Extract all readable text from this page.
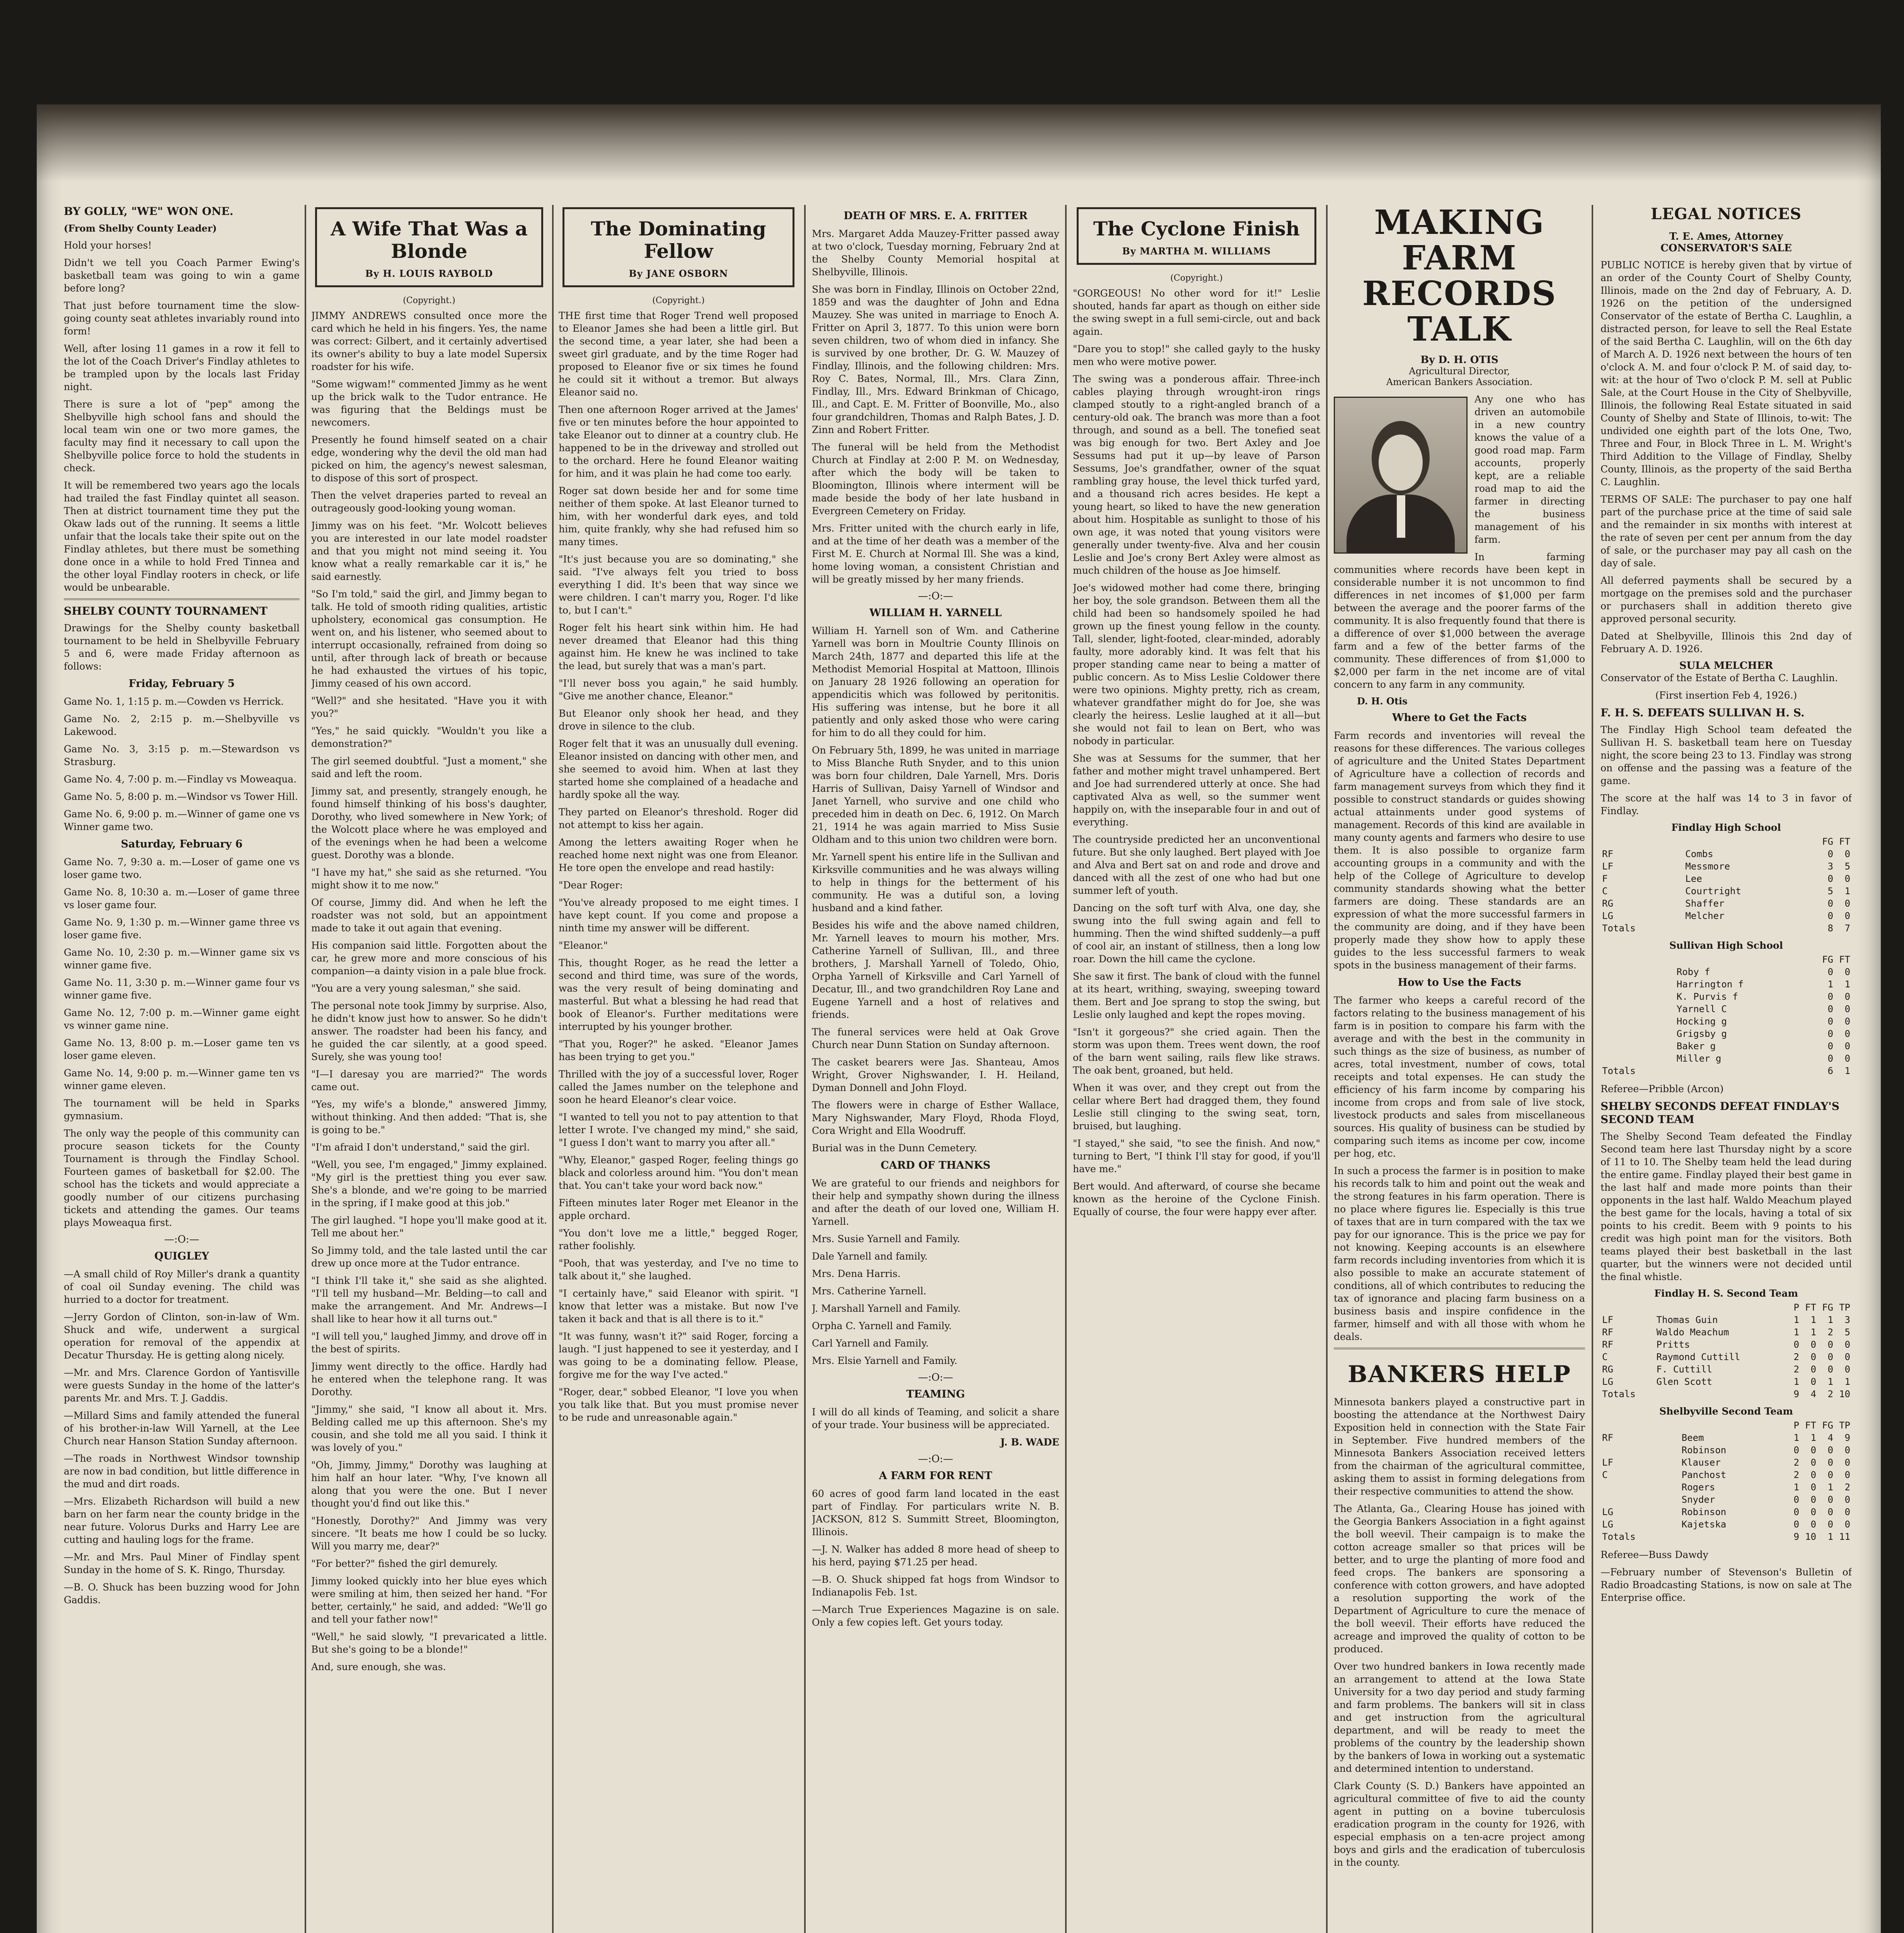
BY GOLLY, "WE" WON ONE.
(From Shelby County Leader)

Hold your horses!

Didn't we tell you Coach Parmer Ewing's basketball team was going to win a game before long?

That just before tournament time the slow-going county seat athletes invariably round into form!

Well, after losing 11 games in a row it fell to the lot of the Coach Driver's Findlay athletes to be trampled upon by the locals last Friday night.

There is sure a lot of "pep" among the Shelbyville high school fans and should the local team win one or two more games, the faculty may find it necessary to call upon the Shelbyville police force to hold the students in check.

It will be remembered two years ago the locals had trailed the fast Findlay quintet all season. Then at district tournament time they put the Okaw lads out of the running. It seems a little unfair that the locals take their spite out on the Findlay athletes, but there must be something done once in a while to hold Fred Tinnea and the other loyal Findlay rooters in check, or life would be unbearable.

SHELBY COUNTY TOURNAMENT

Drawings for the Shelby county basketball tournament to be held in Shelbyville February 5 and 6, were made Friday afternoon as follows:

Friday, February 5

Game No. 1, 1:15 p. m.—Cowden vs Herrick.

Game No. 2, 2:15 p. m.—Shelbyville vs Lakewood.

Game No. 3, 3:15 p. m.—Stewardson vs Strasburg.

Game No. 4, 7:00 p. m.—Findlay vs Moweaqua.

Game No. 5, 8:00 p. m.—Windsor vs Tower Hill.

Game No. 6, 9:00 p. m.—Winner of game one vs Winner game two.

Saturday, February 6

Game No. 7, 9:30 a. m.—Loser of game one vs loser game two.

Game No. 8, 10:30 a. m.—Loser of game three vs loser game four.

Game No. 9, 1:30 p. m.—Winner game three vs loser game five.

Game No. 10, 2:30 p. m.—Winner game six vs winner game five.

Game No. 11, 3:30 p. m.—Winner game four vs winner game five.

Game No. 12, 7:00 p. m.—Winner game eight vs winner game nine.

Game No. 13, 8:00 p. m.—Loser game ten vs loser game eleven.

Game No. 14, 9:00 p. m.—Winner game ten vs winner game eleven.

The tournament will be held in Sparks gymnasium.

The only way the people of this community can procure season tickets for the County Tournament is through the Findlay School. Fourteen games of basketball for $2.00. The school has the tickets and would appreciate a goodly number of our citizens purchasing tickets and attending the games. Our teams plays Moweaqua first.

—:O:—
QUIGLEY

—A small child of Roy Miller's drank a quantity of coal oil Sunday evening. The child was hurried to a doctor for treatment.

—Jerry Gordon of Clinton, son-in-law of Wm. Shuck and wife, underwent a surgical operation for removal of the appendix at Decatur Thursday. He is getting along nicely.

—Mr. and Mrs. Clarence Gordon of Yantisville were guests Sunday in the home of the latter's parents Mr. and Mrs. T. J. Gaddis.

—Millard Sims and family attended the funeral of his brother-in-law Will Yarnell, at the Lee Church near Hanson Station Sunday afternoon.

—The roads in Northwest Windsor township are now in bad condition, but little difference in the mud and dirt roads.

—Mrs. Elizabeth Richardson will build a new barn on her farm near the county bridge in the near future. Volorus Durks and Harry Lee are cutting and hauling logs for the frame.

—Mr. and Mrs. Paul Miner of Findlay spent Sunday in the home of S. K. Ringo, Thursday.

—B. O. Shuck has been buzzing wood for John Gaddis.

A Wife That Was a Blonde
By H. LOUIS RAYBOLD
(Copyright.)

JIMMY ANDREWS consulted once more the card which he held in his fingers. Yes, the name was correct: Gilbert, and it certainly advertised its owner's ability to buy a late model Supersix roadster for his wife.

"Some wigwam!" commented Jimmy as he went up the brick walk to the Tudor entrance. He was figuring that the Beldings must be newcomers.

Presently he found himself seated on a chair edge, wondering why the devil the old man had picked on him, the agency's newest salesman, to dispose of this sort of prospect.

Then the velvet draperies parted to reveal an outrageously good-looking young woman.

Jimmy was on his feet. "Mr. Wolcott believes you are interested in our late model roadster and that you might not mind seeing it. You know what a really remarkable car it is," he said earnestly.

"So I'm told," said the girl, and Jimmy began to talk. He told of smooth riding qualities, artistic upholstery, economical gas consumption. He went on, and his listener, who seemed about to interrupt occasionally, refrained from doing so until, after through lack of breath or because he had exhausted the virtues of his topic, Jimmy ceased of his own accord.

"Well?" and she hesitated. "Have you it with you?"

"Yes," he said quickly. "Wouldn't you like a demonstration?"

The girl seemed doubtful. "Just a moment," she said and left the room.

Jimmy sat, and presently, strangely enough, he found himself thinking of his boss's daughter, Dorothy, who lived somewhere in New York; of the Wolcott place where he was employed and of the evenings when he had been a welcome guest. Dorothy was a blonde.

"I have my hat," she said as she returned. "You might show it to me now."

Of course, Jimmy did. And when he left the roadster was not sold, but an appointment made to take it out again that evening.

His companion said little. Forgotten about the car, he grew more and more conscious of his companion—a dainty vision in a pale blue frock.

"You are a very young salesman," she said.

The personal note took Jimmy by surprise. Also, he didn't know just how to answer. So he didn't answer. The roadster had been his fancy, and he guided the car silently, at a good speed. Surely, she was young too!

"I—I daresay you are married?" The words came out.

"Yes, my wife's a blonde," answered Jimmy, without thinking. And then added: "That is, she is going to be."

"I'm afraid I don't understand," said the girl.

"Well, you see, I'm engaged," Jimmy explained. "My girl is the prettiest thing you ever saw. She's a blonde, and we're going to be married in the spring, if I make good at this job."

The girl laughed. "I hope you'll make good at it. Tell me about her."

So Jimmy told, and the tale lasted until the car drew up once more at the Tudor entrance.

"I think I'll take it," she said as she alighted. "I'll tell my husband—Mr. Belding—to call and make the arrangement. And Mr. Andrews—I shall like to hear how it all turns out."

"I will tell you," laughed Jimmy, and drove off in the best of spirits.

Jimmy went directly to the office. Hardly had he entered when the telephone rang. It was Dorothy.

"Jimmy," she said, "I know all about it. Mrs. Belding called me up this afternoon. She's my cousin, and she told me all you said. I think it was lovely of you."

"Oh, Jimmy, Jimmy," Dorothy was laughing at him half an hour later. "Why, I've known all along that you were the one. But I never thought you'd find out like this."

"Honestly, Dorothy?" And Jimmy was very sincere. "It beats me how I could be so lucky. Will you marry me, dear?"

"For better?" fished the girl demurely.

Jimmy looked quickly into her blue eyes which were smiling at him, then seized her hand. "For better, certainly," he said, and added: "We'll go and tell your father now!"

"Well," he said slowly, "I prevaricated a little. But she's going to be a blonde!"

And, sure enough, she was.

The Dominating Fellow
By JANE OSBORN
(Copyright.)

THE first time that Roger Trend well proposed to Eleanor James she had been a little girl. But the second time, a year later, she had been a sweet girl graduate, and by the time Roger had proposed to Eleanor five or six times he found he could sit it without a tremor. But always Eleanor said no.

Then one afternoon Roger arrived at the James' five or ten minutes before the hour appointed to take Eleanor out to dinner at a country club. He happened to be in the driveway and strolled out to the orchard. Here he found Eleanor waiting for him, and it was plain he had come too early.

Roger sat down beside her and for some time neither of them spoke. At last Eleanor turned to him, with her wonderful dark eyes, and told him, quite frankly, why she had refused him so many times.

"It's just because you are so dominating," she said. "I've always felt you tried to boss everything I did. It's been that way since we were children. I can't marry you, Roger. I'd like to, but I can't."

Roger felt his heart sink within him. He had never dreamed that Eleanor had this thing against him. He knew he was inclined to take the lead, but surely that was a man's part.

"I'll never boss you again," he said humbly. "Give me another chance, Eleanor."

But Eleanor only shook her head, and they drove in silence to the club.

Roger felt that it was an unusually dull evening. Eleanor insisted on dancing with other men, and she seemed to avoid him. When at last they started home she complained of a headache and hardly spoke all the way.

They parted on Eleanor's threshold. Roger did not attempt to kiss her again.

Among the letters awaiting Roger when he reached home next night was one from Eleanor. He tore open the envelope and read hastily:

"Dear Roger:

"You've already proposed to me eight times. I have kept count. If you come and propose a ninth time my answer will be different.

"Eleanor."

This, thought Roger, as he read the letter a second and third time, was sure of the words, was the very result of being dominating and masterful. But what a blessing he had read that book of Eleanor's. Further meditations were interrupted by his younger brother.

"That you, Roger?" he asked. "Eleanor James has been trying to get you."

Thrilled with the joy of a successful lover, Roger called the James number on the telephone and soon he heard Eleanor's clear voice.

"I wanted to tell you not to pay attention to that letter I wrote. I've changed my mind," she said, "I guess I don't want to marry you after all."

"Why, Eleanor," gasped Roger, feeling things go black and colorless around him. "You don't mean that. You can't take your word back now."

Fifteen minutes later Roger met Eleanor in the apple orchard.

"You don't love me a little," begged Roger, rather foolishly.

"Pooh, that was yesterday, and I've no time to talk about it," she laughed.

"I certainly have," said Eleanor with spirit. "I know that letter was a mistake. But now I've taken it back and that is all there is to it."

"It was funny, wasn't it?" said Roger, forcing a laugh. "I just happened to see it yesterday, and I was going to be a dominating fellow. Please, forgive me for the way I've acted."

"Roger, dear," sobbed Eleanor, "I love you when you talk like that. But you must promise never to be rude and unreasonable again."

DEATH OF MRS. E. A. FRITTER

Mrs. Margaret Adda Mauzey-Fritter passed away at two o'clock, Tuesday morning, February 2nd at the Shelby County Memorial hospital at Shelbyville, Illinois.

She was born in Findlay, Illinois on October 22nd, 1859 and was the daughter of John and Edna Mauzey. She was united in marriage to Enoch A. Fritter on April 3, 1877. To this union were born seven children, two of whom died in infancy. She is survived by one brother, Dr. G. W. Mauzey of Findlay, Illinois, and the following children: Mrs. Roy C. Bates, Normal, Ill., Mrs. Clara Zinn, Findlay, Ill., Mrs. Edward Brinkman of Chicago, Ill., and Capt. E. M. Fritter of Boonville, Mo., also four grandchildren, Thomas and Ralph Bates, J. D. Zinn and Robert Fritter.

The funeral will be held from the Methodist Church at Findlay at 2:00 P. M. on Wednesday, after which the body will be taken to Bloomington, Illinois where interment will be made beside the body of her late husband in Evergreen Cemetery on Friday.

Mrs. Fritter united with the church early in life, and at the time of her death was a member of the First M. E. Church at Normal Ill. She was a kind, home loving woman, a consistent Christian and will be greatly missed by her many friends.

—:O:—
WILLIAM H. YARNELL

William H. Yarnell son of Wm. and Catherine Yarnell was born in Moultrie County Illinois on March 24th, 1877 and departed this life at the Methodist Memorial Hospital at Mattoon, Illinois on January 28 1926 following an operation for appendicitis which was followed by peritonitis. His suffering was intense, but he bore it all patiently and only asked those who were caring for him to do all they could for him.

On February 5th, 1899, he was united in marriage to Miss Blanche Ruth Snyder, and to this union was born four children, Dale Yarnell, Mrs. Doris Harris of Sullivan, Daisy Yarnell of Windsor and Janet Yarnell, who survive and one child who preceded him in death on Dec. 6, 1912. On March 21, 1914 he was again married to Miss Susie Oldham and to this union two children were born.

Mr. Yarnell spent his entire life in the Sullivan and Kirksville communities and he was always willing to help in things for the betterment of his community. He was a dutiful son, a loving husband and a kind father.

Besides his wife and the above named children, Mr. Yarnell leaves to mourn his mother, Mrs. Catherine Yarnell of Sullivan, Ill., and three brothers, J. Marshall Yarnell of Toledo, Ohio, Orpha Yarnell of Kirksville and Carl Yarnell of Decatur, Ill., and two grandchildren Roy Lane and Eugene Yarnell and a host of relatives and friends.

The funeral services were held at Oak Grove Church near Dunn Station on Sunday afternoon.

The casket bearers were Jas. Shanteau, Amos Wright, Grover Nighswander, I. H. Heiland, Dyman Donnell and John Floyd.

The flowers were in charge of Esther Wallace, Mary Nighswander, Mary Floyd, Rhoda Floyd, Cora Wright and Ella Woodruff.

Burial was in the Dunn Cemetery.

CARD OF THANKS

We are grateful to our friends and neighbors for their help and sympathy shown during the illness and after the death of our loved one, William H. Yarnell.

Mrs. Susie Yarnell and Family.

Dale Yarnell and family.

Mrs. Dena Harris.

Mrs. Catherine Yarnell.

J. Marshall Yarnell and Family.

Orpha C. Yarnell and Family.

Carl Yarnell and Family.

Mrs. Elsie Yarnell and Family.

—:O:—
TEAMING

I will do all kinds of Teaming, and solicit a share of your trade. Your business will be appreciated.

J. B. WADE

—:O:—
A FARM FOR RENT

60 acres of good farm land located in the east part of Findlay. For particulars write N. B. JACKSON, 812 S. Summitt Street, Bloomington, Illinois.

—J. N. Walker has added 8 more head of sheep to his herd, paying $71.25 per head.

—B. O. Shuck shipped fat hogs from Windsor to Indianapolis Feb. 1st.

—March True Experiences Magazine is on sale. Only a few copies left. Get yours today.

The Cyclone Finish
By MARTHA M. WILLIAMS
(Copyright.)

"GORGEOUS! No other word for it!" Leslie shouted, hands far apart as though on either side the swing swept in a full semi-circle, out and back again.

"Dare you to stop!" she called gayly to the husky men who were motive power.

The swing was a ponderous affair. Three-inch cables playing through wrought-iron rings clamped stoutly to a right-angled branch of a century-old oak. The branch was more than a foot through, and sound as a bell. The tonefied seat was big enough for two. Bert Axley and Joe Sessums had put it up—by leave of Parson Sessums, Joe's grandfather, owner of the squat rambling gray house, the level thick turfed yard, and a thousand rich acres besides. He kept a young heart, so liked to have the new generation about him. Hospitable as sunlight to those of his own age, it was noted that young visitors were generally under twenty-five. Alva and her cousin Leslie and Joe's crony Bert Axley were almost as much children of the house as Joe himself.

Joe's widowed mother had come there, bringing her boy, the sole grandson. Between them all the child had been so handsomely spoiled he had grown up the finest young fellow in the county. Tall, slender, light-footed, clear-minded, adorably faulty, more adorably kind. It was felt that his proper standing came near to being a matter of public concern. As to Miss Leslie Coldower there were two opinions. Mighty pretty, rich as cream, whatever grandfather might do for Joe, she was clearly the heiress. Leslie laughed at it all—but she would not fail to lean on Bert, who was nobody in particular.

She was at Sessums for the summer, that her father and mother might travel unhampered. Bert and Joe had surrendered utterly at once. She had captivated Alva as well, so the summer went happily on, with the inseparable four in and out of everything.

The countryside predicted her an unconventional future. But she only laughed. Bert played with Joe and Alva and Bert sat on and rode and drove and danced with all the zest of one who had but one summer left of youth.

Dancing on the soft turf with Alva, one day, she swung into the full swing again and fell to humming. Then the wind shifted suddenly—a puff of cool air, an instant of stillness, then a long low roar. Down the hill came the cyclone.

She saw it first. The bank of cloud with the funnel at its heart, writhing, swaying, sweeping toward them. Bert and Joe sprang to stop the swing, but Leslie only laughed and kept the ropes moving.

"Isn't it gorgeous?" she cried again. Then the storm was upon them. Trees went down, the roof of the barn went sailing, rails flew like straws. The oak bent, groaned, but held.

When it was over, and they crept out from the cellar where Bert had dragged them, they found Leslie still clinging to the swing seat, torn, bruised, but laughing.

"I stayed," she said, "to see the finish. And now," turning to Bert, "I think I'll stay for good, if you'll have me."

Bert would. And afterward, of course she became known as the heroine of the Cyclone Finish. Equally of course, the four were happy ever after.

MAKING FARM RECORDS TALK
By D. H. OTIS
Agricultural Director,
American Bankers Association.

Any one who has driven an automobile in a new country knows the value of a good road map. Farm accounts, properly kept, are a reliable road map to aid the farmer in directing the business management of his farm.

In farming communities where records have been kept in considerable number it is not uncommon to find differences in net incomes of $1,000 per farm between the average and the poorer farms of the community. It is also frequently found that there is a difference of over $1,000 between the average farm and a few of the better farms of the community. These differences of from $1,000 to $2,000 per farm in the net income are of vital concern to any farm in any community.

D. H. Otis
Where to Get the Facts

Farm records and inventories will reveal the reasons for these differences. The various colleges of agriculture and the United States Department of Agriculture have a collection of records and farm management surveys from which they find it possible to construct standards or guides showing actual attainments under good systems of management. Records of this kind are available in many county agents and farmers who desire to use them. It is also possible to organize farm accounting groups in a community and with the help of the College of Agriculture to develop community standards showing what the better farmers are doing. These standards are an expression of what the more successful farmers in the community are doing, and if they have been properly made they show how to apply these guides to the less successful farmers to weak spots in the business management of their farms.

How to Use the Facts

The farmer who keeps a careful record of the factors relating to the business management of his farm is in position to compare his farm with the average and with the best in the community in such things as the size of business, as number of acres, total investment, number of cows, total receipts and total expenses. He can study the efficiency of his farm income by comparing his income from crops and from sale of live stock, livestock products and sales from miscellaneous sources. His quality of business can be studied by comparing such items as income per cow, income per hog, etc.

In such a process the farmer is in position to make his records talk to him and point out the weak and the strong features in his farm operation. There is no place where figures lie. Especially is this true of taxes that are in turn compared with the tax we pay for our ignorance. This is the price we pay for not knowing. Keeping accounts is an elsewhere farm records including inventories from which it is also possible to make an accurate statement of conditions, all of which contributes to reducing the tax of ignorance and placing farm business on a business basis and inspire confidence in the farmer, himself and with all those with whom he deals.

BANKERS HELP

Minnesota bankers played a constructive part in boosting the attendance at the Northwest Dairy Exposition held in connection with the State Fair in September. Five hundred members of the Minnesota Bankers Association received letters from the chairman of the agricultural committee, asking them to assist in forming delegations from their respective communities to attend the show.

The Atlanta, Ga., Clearing House has joined with the Georgia Bankers Association in a fight against the boll weevil. Their campaign is to make the cotton acreage smaller so that prices will be better, and to urge the planting of more food and feed crops. The bankers are sponsoring a conference with cotton growers, and have adopted a resolution supporting the work of the Department of Agriculture to cure the menace of the boll weevil. Their efforts have reduced the acreage and improved the quality of cotton to be produced.

Over two hundred bankers in Iowa recently made an arrangement to attend at the Iowa State University for a two day period and study farming and farm problems. The bankers will sit in class and get instruction from the agricultural department, and will be ready to meet the problems of the country by the leadership shown by the bankers of Iowa in working out a systematic and determined intention to understand.

Clark County (S. D.) Bankers have appointed an agricultural committee of five to aid the county agent in putting on a bovine tuberculosis eradication program in the county for 1926, with especial emphasis on a ten-acre project among boys and girls and the eradication of tuberculosis in the county.

LEGAL NOTICES
T. E. Ames, Attorney
CONSERVATOR'S SALE

PUBLIC NOTICE is hereby given that by virtue of an order of the County Court of Shelby County, Illinois, made on the 2nd day of February, A. D. 1926 on the petition of the undersigned Conservator of the estate of Bertha C. Laughlin, a distracted person, for leave to sell the Real Estate of the said Bertha C. Laughlin, will on the 6th day of March A. D. 1926 next between the hours of ten o'clock A. M. and four o'clock P. M. of said day, to-wit: at the hour of Two o'clock P. M. sell at Public Sale, at the Court House in the City of Shelbyville, Illinois, the following Real Estate situated in said County of Shelby and State of Illinois, to-wit: The undivided one eighth part of the lots One, Two, Three and Four, in Block Three in L. M. Wright's Third Addition to the Village of Findlay, Shelby County, Illinois, as the property of the said Bertha C. Laughlin.

TERMS OF SALE: The purchaser to pay one half part of the purchase price at the time of said sale and the remainder in six months with interest at the rate of seven per cent per annum from the day of sale, or the purchaser may pay all cash on the day of sale.

All deferred payments shall be secured by a mortgage on the premises sold and the purchaser or purchasers shall in addition thereto give approved personal security.

Dated at Shelbyville, Illinois this 2nd day of February A. D. 1926.

SULA MELCHER

Conservator of the Estate of Bertha C. Laughlin.

(First insertion Feb 4, 1926.)

F. H. S. DEFEATS SULLIVAN H. S.

The Findlay High School team defeated the Sullivan H. S. basketball team here on Tuesday night, the score being 23 to 13. Findlay was strong on offense and the passing was a feature of the game.

The score at the half was 14 to 3 in favor of Findlay.

Findlay High School
		FG	FT
RF	Combs	0	0
LF	Messmore	3	5
F	Lee	0	0
C	Courtright	5	1
RG	Shaffer	0	0
LG	Melcher	0	0
Totals		8	7
Sullivan High School
		FG	FT
	Roby f	0	0
	Harrington f	1	1
	K. Purvis f	0	0
	Yarnell C	0	0
	Hocking g	0	0
	Grigsby g	0	0
	Baker g	0	0
	Miller g	0	0
Totals		6	1

Referee—Pribble (Arcon)

SHELBY SECONDS DEFEAT FINDLAY'S SECOND TEAM

The Shelby Second Team defeated the Findlay Second team here last Thursday night by a score of 11 to 10. The Shelby team held the lead during the entire game. Findlay played their best game in the last half and made more points than their opponents in the last half. Waldo Meachum played the best game for the locals, having a total of six points to his credit. Beem with 9 points to his credit was high point man for the visitors. Both teams played their best basketball in the last quarter, but the winners were not decided until the final whistle.

Findlay H. S. Second Team
		P	FT	FG	TP
LF	Thomas Guin	1	1	1	3
RF	Waldo Meachum	1	1	2	5
RF	Pritts	0	0	0	0
C	Raymond Cuttill	2	0	0	0
RG	F. Cuttill	2	0	0	0
LG	Glen Scott	1	0	1	1
Totals		9	4	2	10
Shelbyville Second Team
		P	FT	FG	TP
RF	Beem	1	1	4	9
	Robinson	0	0	0	0
LF	Klauser	2	0	0	0
C	Panchost	2	0	0	0
	Rogers	1	0	1	2
	Snyder	0	0	0	0
LG	Robinson	0	0	0	0
LG	Kajetska	0	0	0	0
Totals		9	10	1	11

Referee—Buss Dawdy

—February number of Stevenson's Bulletin of Radio Broadcasting Stations, is now on sale at The Enterprise office.
